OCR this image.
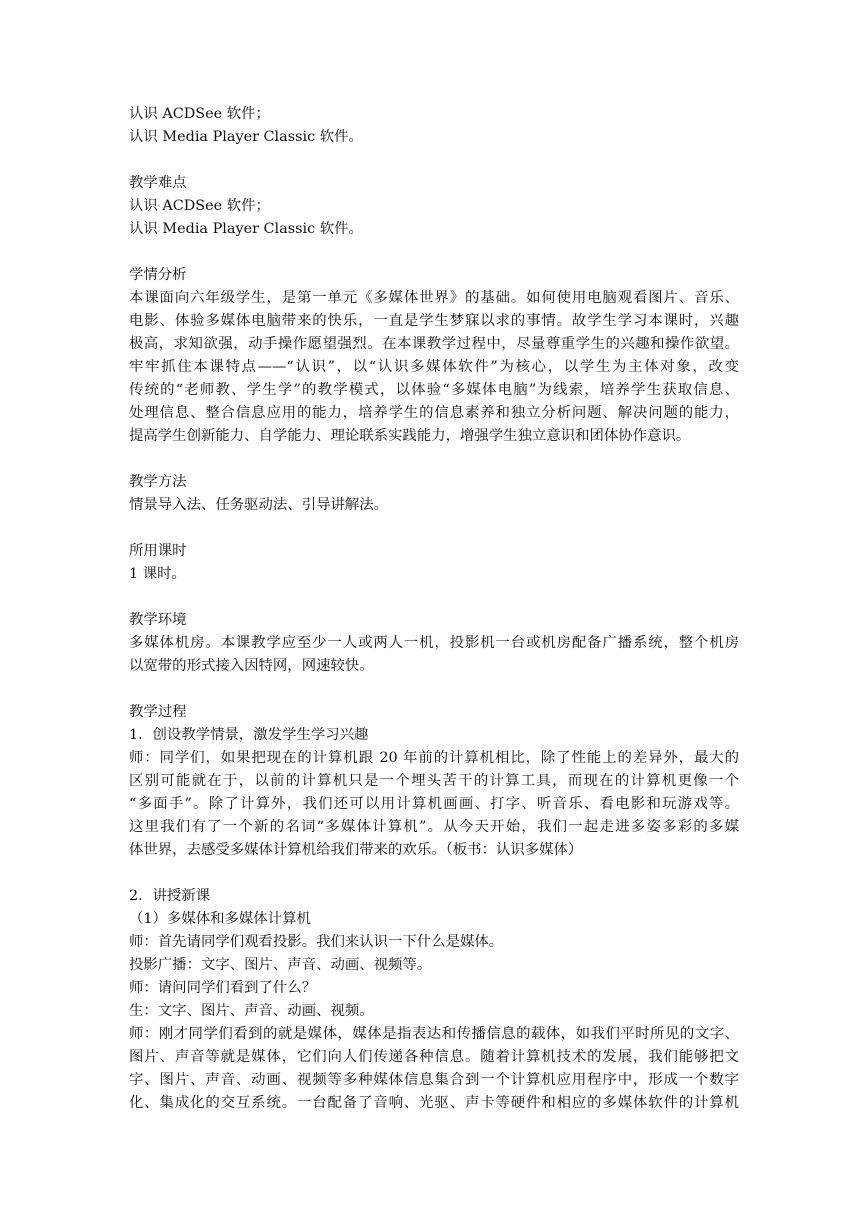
认识 ACDSee 软件；
认识 Media Player Classic 软件。
教学难点
认识 ACDSee 软件；
认识 Media Player Classic 软件。
学情分析
本课面向六年级学生，是第一单元《多媒体世界》的基础。如何使用电脑观看图片、音乐、
电影、体验多媒体电脑带来的快乐，一直是学生梦寐以求的事情。故学生学习本课时，兴趣
极高，求知欲强，动手操作愿望强烈。在本课教学过程中，尽量尊重学生的兴趣和操作欲望。
牢牢抓住本课特点——“认识”，以“认识多媒体软件”为核心，以学生为主体对象，改变
传统的“老师教、学生学”的教学模式，以体验“多媒体电脑”为线索，培养学生获取信息、
处理信息、整合信息应用的能力，培养学生的信息素养和独立分析问题、解决问题的能力，
提高学生创新能力、自学能力、理论联系实践能力，增强学生独立意识和团体协作意识。
教学方法
情景导入法、任务驱动法、引导讲解法。
所用课时
1 课时。
教学环境
多媒体机房。本课教学应至少一人或两人一机，投影机一台或机房配备广播系统，整个机房
以宽带的形式接入因特网，网速较快。
教学过程
1．创设教学情景，激发学生学习兴趣
师：同学们，如果把现在的计算机跟 20 年前的计算机相比，除了性能上的差异外，最大的
区别可能就在于，以前的计算机只是一个埋头苦干的计算工具，而现在的计算机更像一个
“多面手”。除了计算外，我们还可以用计算机画画、打字、听音乐、看电影和玩游戏等。
这里我们有了一个新的名词“多媒体计算机”。从今天开始，我们一起走进多姿多彩的多媒
体世界，去感受多媒体计算机给我们带来的欢乐。（板书：认识多媒体）
2．讲授新课
（1）多媒体和多媒体计算机
师：首先请同学们观看投影。我们来认识一下什么是媒体。
投影广播：文字、图片、声音、动画、视频等。
师：请问同学们看到了什么？
生：文字、图片、声音、动画、视频。
师：刚才同学们看到的就是媒体，媒体是指表达和传播信息的载体，如我们平时所见的文字、
图片、声音等就是媒体，它们向人们传递各种信息。随着计算机技术的发展，我们能够把文
字、图片、声音、动画、视频等多种媒体信息集合到一个计算机应用程序中，形成一个数字
化、集成化的交互系统。一台配备了音响、光驱、声卡等硬件和相应的多媒体软件的计算机
